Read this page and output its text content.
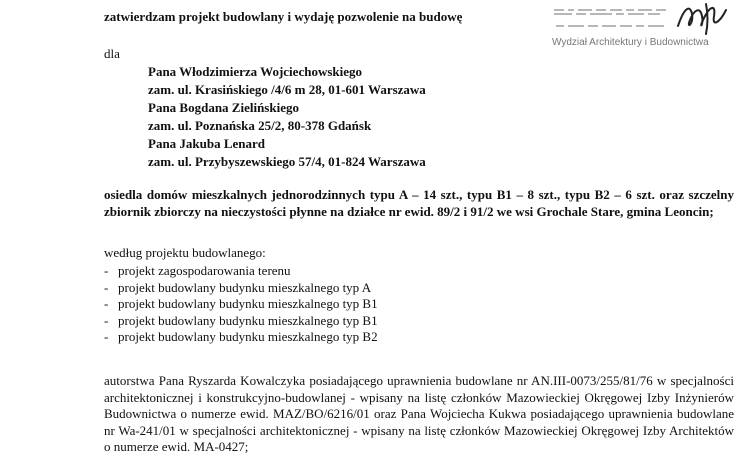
zatwierdzam projekt budowlany i wydaję pozwolenie na budowę
Wydział Architektury i Budownictwa
dla
Pana Włodzimierza Wojciechowskiego
zam. ul. Krasińskiego /4/6 m 28, 01-601 Warszawa
Pana Bogdana Zielińskiego
zam. ul. Poznańska 25/2, 80-378 Gdańsk
Pana Jakuba Lenard
zam. ul. Przybyszewskiego 57/4, 01-824 Warszawa
osiedla domów mieszkalnych jednorodzinnych typu A – 14 szt., typu B1 – 8 szt., typu B2 – 6 szt. oraz szczelny zbiornik zbiorczy na nieczystości płynne na działce nr ewid. 89/2 i 91/2 we wsi Grochale Stare, gmina Leoncin;
według projektu budowlanego:
- projekt zagospodarowania terenu
- projekt budowlany budynku mieszkalnego typ A
- projekt budowlany budynku mieszkalnego typ B1
- projekt budowlany budynku mieszkalnego typ B1
- projekt budowlany budynku mieszkalnego typ B2
autorstwa Pana Ryszarda Kowalczyka posiadającego uprawnienia budowlane nr AN.III-0073/255/81/76 w specjalności architektonicznej i konstrukcyjno-budowlanej - wpisany na listę członków Mazowieckiej Okręgowej Izby Inżynierów Budownictwa o numerze ewid. MAZ/BO/6216/01 oraz Pana Wojciecha Kukwa posiadającego uprawnienia budowlane nr Wa-241/01 w specjalności architektonicznej - wpisany na listę członków Mazowieckiej Okręgowej Izby Architektów o numerze ewid. MA-0427;
